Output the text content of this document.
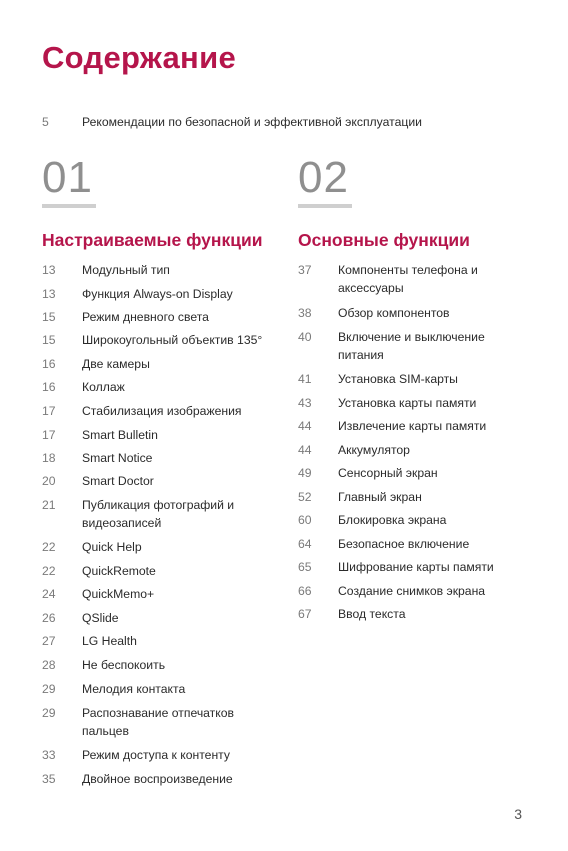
Содержание
5	Рекомендации по безопасной и эффективной эксплуатации
01
Настраиваемые функции
13	Модульный тип
13	Функция Always-on Display
15	Режим дневного света
15	Широкоугольный объектив 135°
16	Две камеры
16	Коллаж
17	Стабилизация изображения
17	Smart Bulletin
18	Smart Notice
20	Smart Doctor
21	Публикация фотографий и видеозаписей
22	Quick Help
22	QuickRemote
24	QuickMemo+
26	QSlide
27	LG Health
28	Не беспокоить
29	Мелодия контакта
29	Распознавание отпечатков пальцев
33	Режим доступа к контенту
35	Двойное воспроизведение
02
Основные функции
37	Компоненты телефона и аксессуары
38	Обзор компонентов
40	Включение и выключение питания
41	Установка SIM-карты
43	Установка карты памяти
44	Извлечение карты памяти
44	Аккумулятор
49	Сенсорный экран
52	Главный экран
60	Блокировка экрана
64	Безопасное включение
65	Шифрование карты памяти
66	Создание снимков экрана
67	Ввод текста
3
